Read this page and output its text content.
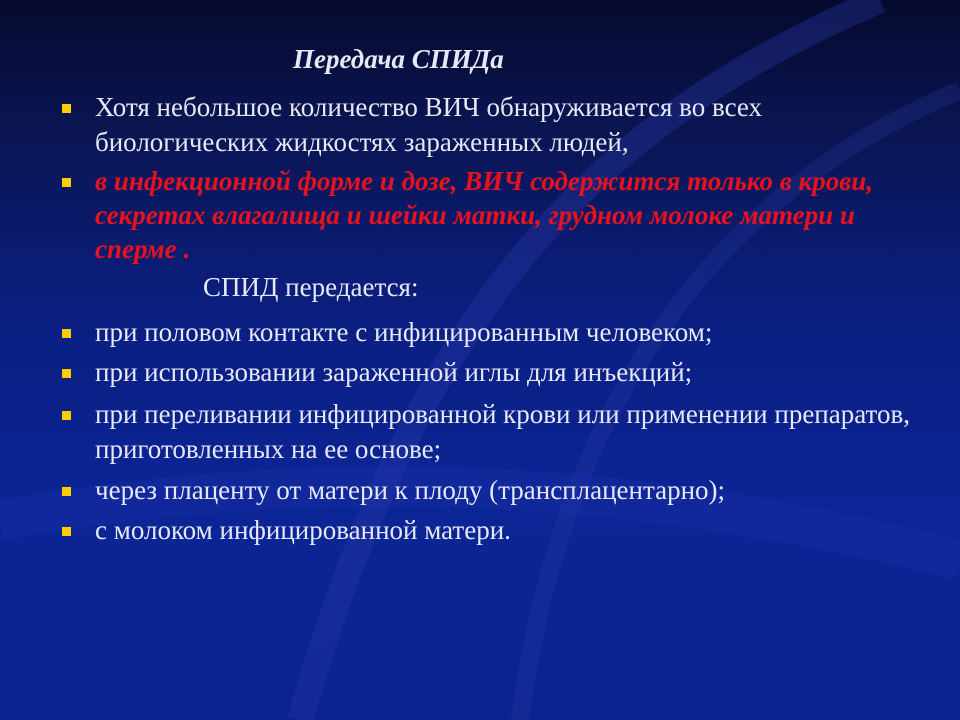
Передача СПИДа
Хотя небольшое количество ВИЧ обнаруживается во всех биологических жидкостях зараженных людей,
в инфекционной форме и дозе, ВИЧ содержится только в крови, секретах влагалища и шейки матки, грудном молоке матери и сперме .
СПИД передается:
при половом контакте с инфицированным человеком;
при использовании зараженной иглы для инъекций;
при переливании инфицированной крови или применении препаратов, приготовленных на ее основе;
через плаценту от матери к плоду (трансплацентарно);
с молоком инфицированной матери.
